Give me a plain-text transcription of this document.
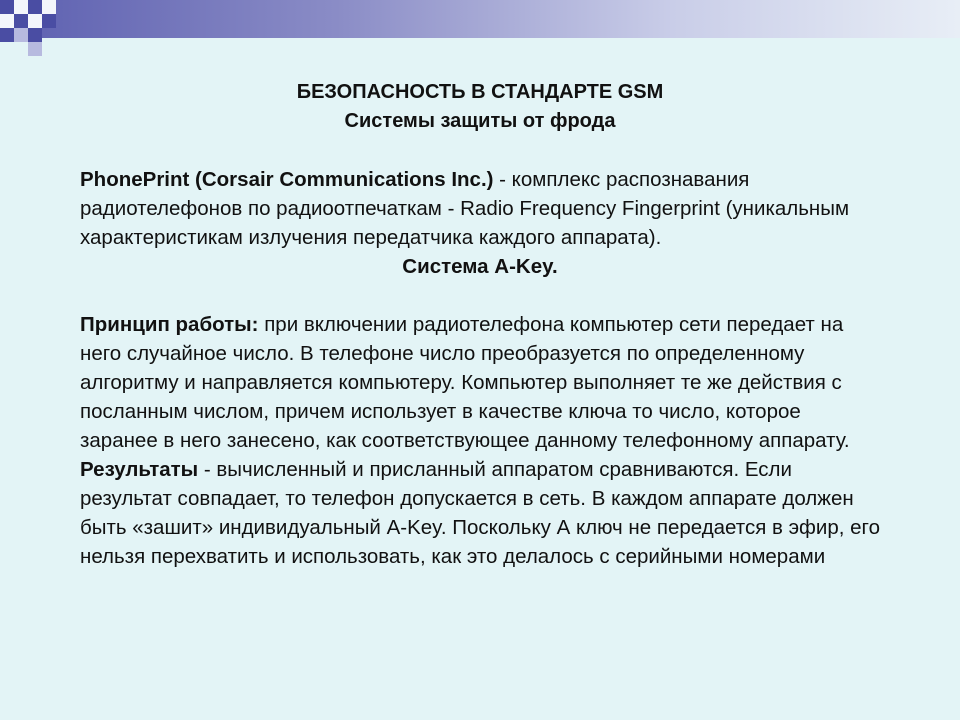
БЕЗОПАСНОСТЬ В СТАНДАРТЕ GSM
Системы защиты от фрода

PhonePrint (Corsair Communications Inc.) - комплекс распознавания радиотелефонов по радиоотпечаткам - Radio Frequency Fingerprint (уникальным характеристикам излучения передатчика каждого аппарата).

Система A-Key.

Принцип работы: при включении радиотелефона компьютер сети передает на него случайное число. В телефоне число преобразуется по определенному алгоритму и направляется компьютеру. Компьютер выполняет те же действия с посланным числом, причем использует в качестве ключа то число, которое заранее в него занесено, как соответствующее данному телефонному аппарату.

Результаты - вычисленный и присланный аппаратом сравниваются. Если результат совпадает, то телефон допускается в сеть. В каждом аппарате должен быть «зашит» индивидуальный A-Key. Поскольку А ключ не передается в эфир, его нельзя перехватить и использовать, как это делалось с серийными номерами
